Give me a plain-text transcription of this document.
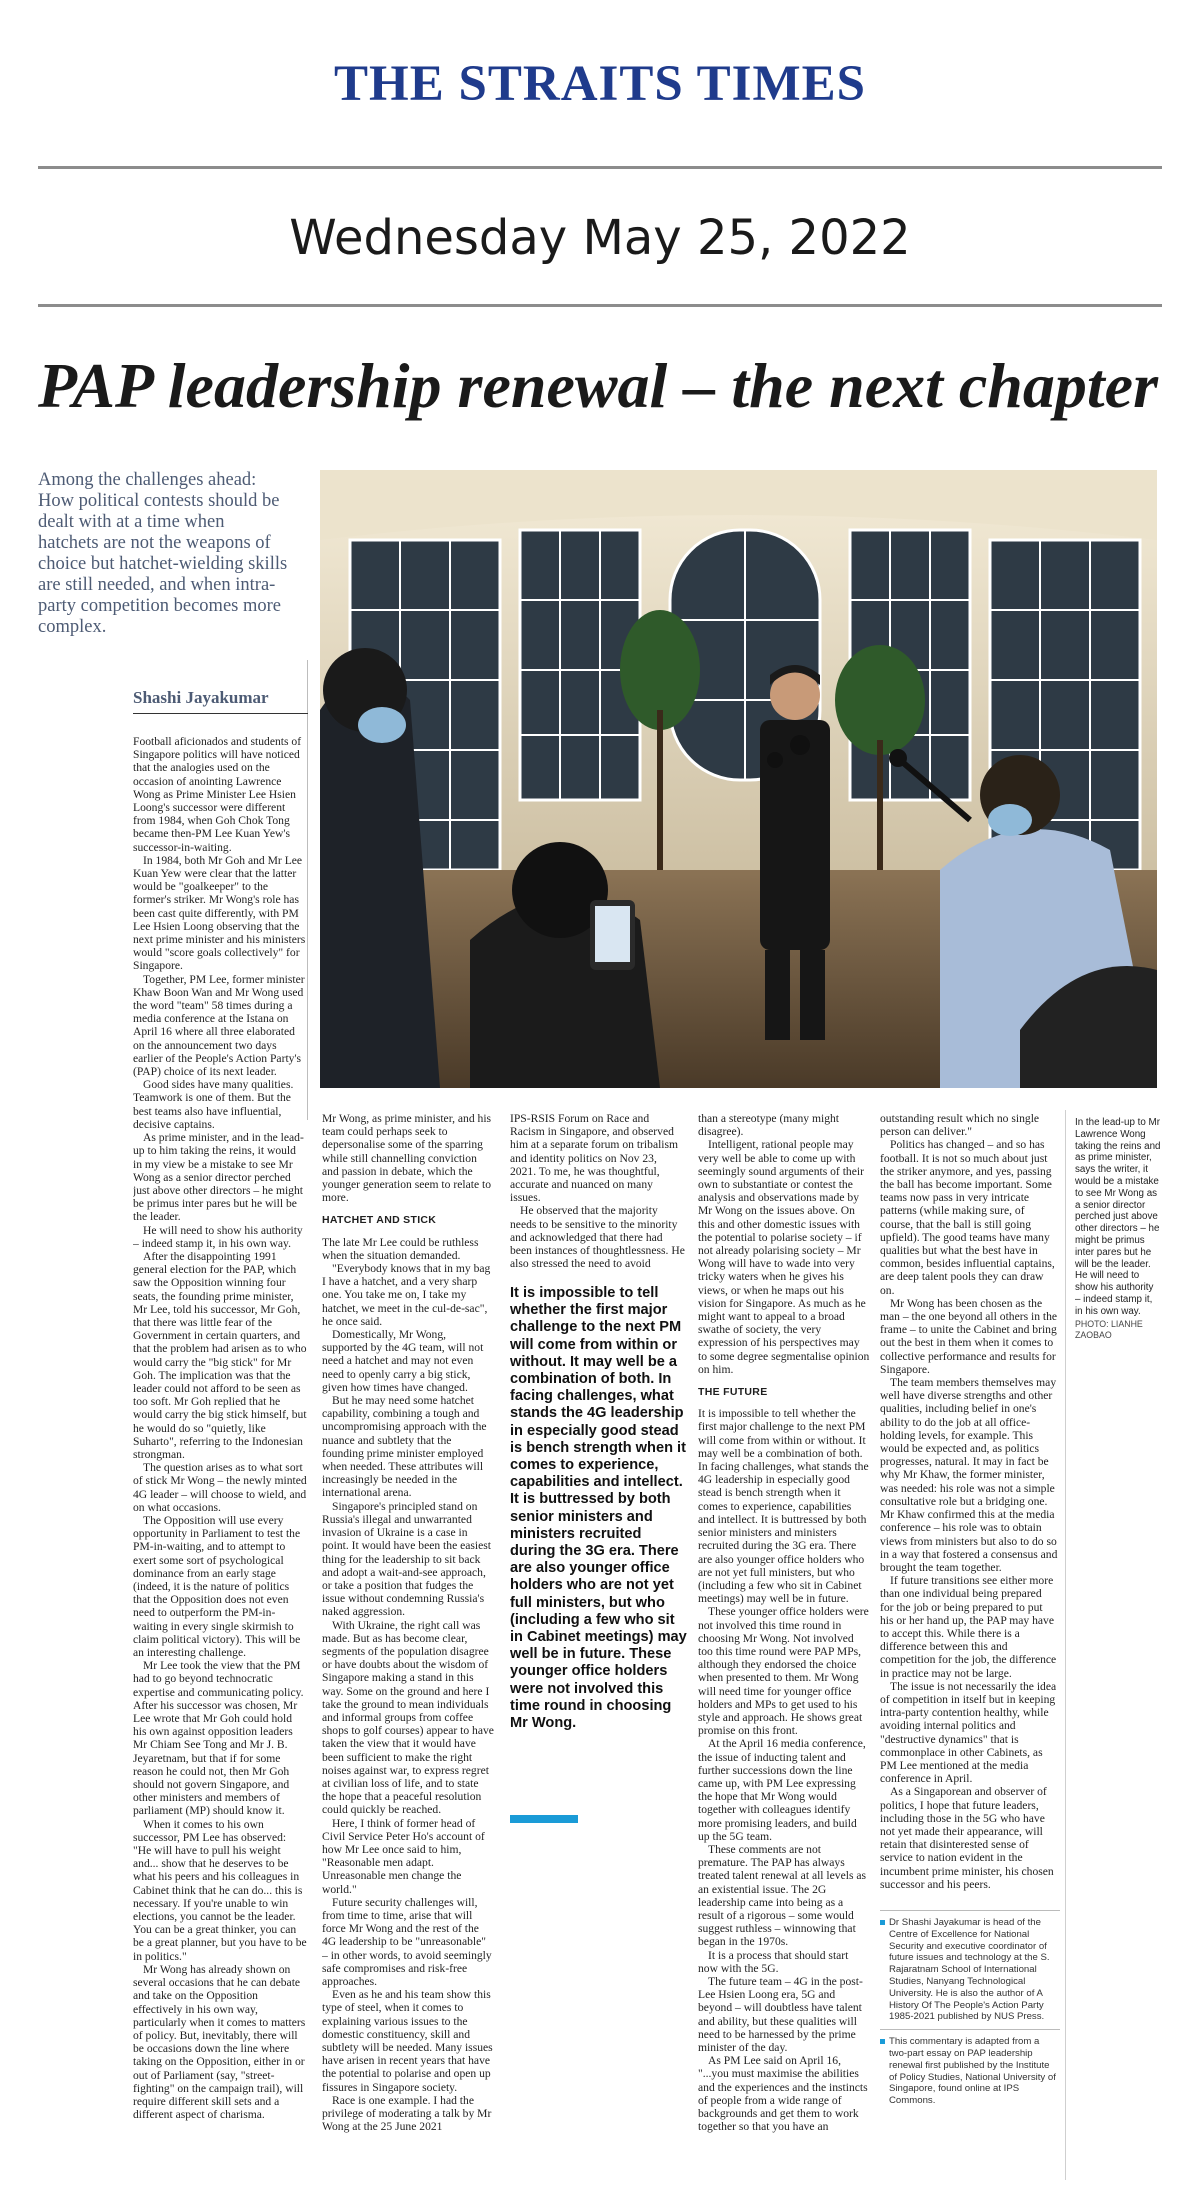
THE STRAITS TIMES
Wednesday May 25, 2022
PAP leadership renewal – the next chapter
Among the challenges ahead: How political contests should be dealt with at a time when hatchets are not the weapons of choice but hatchet-wielding skills are still needed, and when intra-party competition becomes more complex.
Shashi Jayakumar
In the lead-up to Mr Lawrence Wong taking the reins and as prime minister, says the writer, it would be a mistake to see Mr Wong as a senior director perched just above other directors – he might be primus inter pares but he will be the leader. He will need to show his authority – indeed stamp it, in his own way.
PHOTO: LIANHE ZAOBAO

Football aficionados and students of Singapore politics will have noticed that the analogies used on the occasion of anointing Lawrence Wong as Prime Minister Lee Hsien Loong's successor were different from 1984, when Goh Chok Tong became then-PM Lee Kuan Yew's successor-in-waiting.

In 1984, both Mr Goh and Mr Lee Kuan Yew were clear that the latter would be "goalkeeper" to the former's striker. Mr Wong's role has been cast quite differently, with PM Lee Hsien Loong observing that the next prime minister and his ministers would "score goals collectively" for Singapore.

Together, PM Lee, former minister Khaw Boon Wan and Mr Wong used the word "team" 58 times during a media conference at the Istana on April 16 where all three elaborated on the announcement two days earlier of the People's Action Party's (PAP) choice of its next leader.

Good sides have many qualities. Teamwork is one of them. But the best teams also have influential, decisive captains.

As prime minister, and in the lead-up to him taking the reins, it would in my view be a mistake to see Mr Wong as a senior director perched just above other directors – he might be primus inter pares but he will be the leader.

He will need to show his authority – indeed stamp it, in his own way.

After the disappointing 1991 general election for the PAP, which saw the Opposition winning four seats, the founding prime minister, Mr Lee, told his successor, Mr Goh, that there was little fear of the Government in certain quarters, and that the problem had arisen as to who would carry the "big stick" for Mr Goh. The implication was that the leader could not afford to be seen as too soft. Mr Goh replied that he would carry the big stick himself, but he would do so "quietly, like Suharto", referring to the Indonesian strongman.

The question arises as to what sort of stick Mr Wong – the newly minted 4G leader – will choose to wield, and on what occasions.

The Opposition will use every opportunity in Parliament to test the PM-in-waiting, and to attempt to exert some sort of psychological dominance from an early stage (indeed, it is the nature of politics that the Opposition does not even need to outperform the PM-in-waiting in every single skirmish to claim political victory). This will be an interesting challenge.

Mr Lee took the view that the PM had to go beyond technocratic expertise and communicating policy. After his successor was chosen, Mr Lee wrote that Mr Goh could hold his own against opposition leaders Mr Chiam See Tong and Mr J. B. Jeyaretnam, but that if for some reason he could not, then Mr Goh should not govern Singapore, and other ministers and members of parliament (MP) should know it.

When it comes to his own successor, PM Lee has observed: "He will have to pull his weight and... show that he deserves to be what his peers and his colleagues in Cabinet think that he can do... this is necessary. If you're unable to win elections, you cannot be the leader. You can be a great thinker, you can be a great planner, but you have to be in politics."

Mr Wong has already shown on several occasions that he can debate and take on the Opposition effectively in his own way, particularly when it comes to matters of policy. But, inevitably, there will be occasions down the line where taking on the Opposition, either in or out of Parliament (say, "street-fighting" on the campaign trail), will require different skill sets and a different aspect of charisma.

Mr Wong, as prime minister, and his team could perhaps seek to depersonalise some of the sparring while still channelling conviction and passion in debate, which the younger generation seem to relate to more.

HATCHET AND STICK

The late Mr Lee could be ruthless when the situation demanded.

"Everybody knows that in my bag I have a hatchet, and a very sharp one. You take me on, I take my hatchet, we meet in the cul-de-sac", he once said.

Domestically, Mr Wong, supported by the 4G team, will not need a hatchet and may not even need to openly carry a big stick, given how times have changed.

But he may need some hatchet capability, combining a tough and uncompromising approach with the nuance and subtlety that the founding prime minister employed when needed. These attributes will increasingly be needed in the international arena.

Singapore's principled stand on Russia's illegal and unwarranted invasion of Ukraine is a case in point. It would have been the easiest thing for the leadership to sit back and adopt a wait-and-see approach, or take a position that fudges the issue without condemning Russia's naked aggression.

With Ukraine, the right call was made. But as has become clear, segments of the population disagree or have doubts about the wisdom of Singapore making a stand in this way. Some on the ground and here I take the ground to mean individuals and informal groups from coffee shops to golf courses) appear to have taken the view that it would have been sufficient to make the right noises against war, to express regret at civilian loss of life, and to state the hope that a peaceful resolution could quickly be reached.

Here, I think of former head of Civil Service Peter Ho's account of how Mr Lee once said to him, "Reasonable men adapt. Unreasonable men change the world."

Future security challenges will, from time to time, arise that will force Mr Wong and the rest of the 4G leadership to be "unreasonable" – in other words, to avoid seemingly safe compromises and risk-free approaches.

Even as he and his team show this type of steel, when it comes to explaining various issues to the domestic constituency, skill and subtlety will be needed. Many issues have arisen in recent years that have the potential to polarise and open up fissures in Singapore society.

Race is one example. I had the privilege of moderating a talk by Mr Wong at the 25 June 2021

IPS-RSIS Forum on Race and Racism in Singapore, and observed him at a separate forum on tribalism and identity politics on Nov 23, 2021. To me, he was thoughtful, accurate and nuanced on many issues.

He observed that the majority needs to be sensitive to the minority and acknowledged that there had been instances of thoughtlessness. He also stressed the need to avoid

It is impossible to tell whether the first major challenge to the next PM will come from within or without. It may well be a combination of both. In facing challenges, what stands the 4G leadership in especially good stead is bench strength when it comes to experience, capabilities and intellect. It is buttressed by both senior ministers and ministers recruited during the 3G era. There are also younger office holders who are not yet full ministers, but who (including a few who sit in Cabinet meetings) may well be in future. These younger office holders were not involved this time round in choosing Mr Wong.

than a stereotype (many might disagree).

Intelligent, rational people may very well be able to come up with seemingly sound arguments of their own to substantiate or contest the analysis and observations made by Mr Wong on the issues above. On this and other domestic issues with the potential to polarise society – if not already polarising society – Mr Wong will have to wade into very tricky waters when he gives his views, or when he maps out his vision for Singapore. As much as he might want to appeal to a broad swathe of society, the very expression of his perspectives may to some degree segmentalise opinion on him.

THE FUTURE

It is impossible to tell whether the first major challenge to the next PM will come from within or without. It may well be a combination of both. In facing challenges, what stands the 4G leadership in especially good stead is bench strength when it comes to experience, capabilities and intellect. It is buttressed by both senior ministers and ministers recruited during the 3G era. There are also younger office holders who are not yet full ministers, but who (including a few who sit in Cabinet meetings) may well be in future.

These younger office holders were not involved this time round in choosing Mr Wong. Not involved too this time round were PAP MPs, although they endorsed the choice when presented to them. Mr Wong will need time for younger office holders and MPs to get used to his style and approach. He shows great promise on this front.

At the April 16 media conference, the issue of inducting talent and further successions down the line came up, with PM Lee expressing the hope that Mr Wong would together with colleagues identify more promising leaders, and build up the 5G team.

These comments are not premature. The PAP has always treated talent renewal at all levels as an existential issue. The 2G leadership came into being as a result of a rigorous – some would suggest ruthless – winnowing that began in the 1970s.

It is a process that should start now with the 5G.

The future team – 4G in the post-Lee Hsien Loong era, 5G and beyond – will doubtless have talent and ability, but these qualities will need to be harnessed by the prime minister of the day.

As PM Lee said on April 16, "...you must maximise the abilities and the experiences and the instincts of people from a wide range of backgrounds and get them to work together so that you have an

outstanding result which no single person can deliver."

Politics has changed – and so has football. It is not so much about just the striker anymore, and yes, passing the ball has become important. Some teams now pass in very intricate patterns (while making sure, of course, that the ball is still going upfield). The good teams have many qualities but what the best have in common, besides influential captains, are deep talent pools they can draw on.

Mr Wong has been chosen as the man – the one beyond all others in the frame – to unite the Cabinet and bring out the best in them when it comes to collective performance and results for Singapore.

The team members themselves may well have diverse strengths and other qualities, including belief in one's ability to do the job at all office-holding levels, for example. This would be expected and, as politics progresses, natural. It may in fact be why Mr Khaw, the former minister, was needed: his role was not a simple consultative role but a bridging one. Mr Khaw confirmed this at the media conference – his role was to obtain views from ministers but also to do so in a way that fostered a consensus and brought the team together.

If future transitions see either more than one individual being prepared for the job or being prepared to put his or her hand up, the PAP may have to accept this. While there is a difference between this and competition for the job, the difference in practice may not be large.

The issue is not necessarily the idea of competition in itself but in keeping intra-party contention healthy, while avoiding internal politics and "destructive dynamics" that is commonplace in other Cabinets, as PM Lee mentioned at the media conference in April.

As a Singaporean and observer of politics, I hope that future leaders, including those in the 5G who have not yet made their appearance, will retain that disinterested sense of service to nation evident in the incumbent prime minister, his chosen successor and his peers.

Dr Shashi Jayakumar is head of the Centre of Excellence for National Security and executive coordinator of future issues and technology at the S. Rajaratnam School of International Studies, Nanyang Technological University. He is also the author of A History Of The People's Action Party 1985-2021 published by NUS Press.
This commentary is adapted from a two-part essay on PAP leadership renewal first published by the Institute of Policy Studies, National University of Singapore, found online at IPS Commons.
